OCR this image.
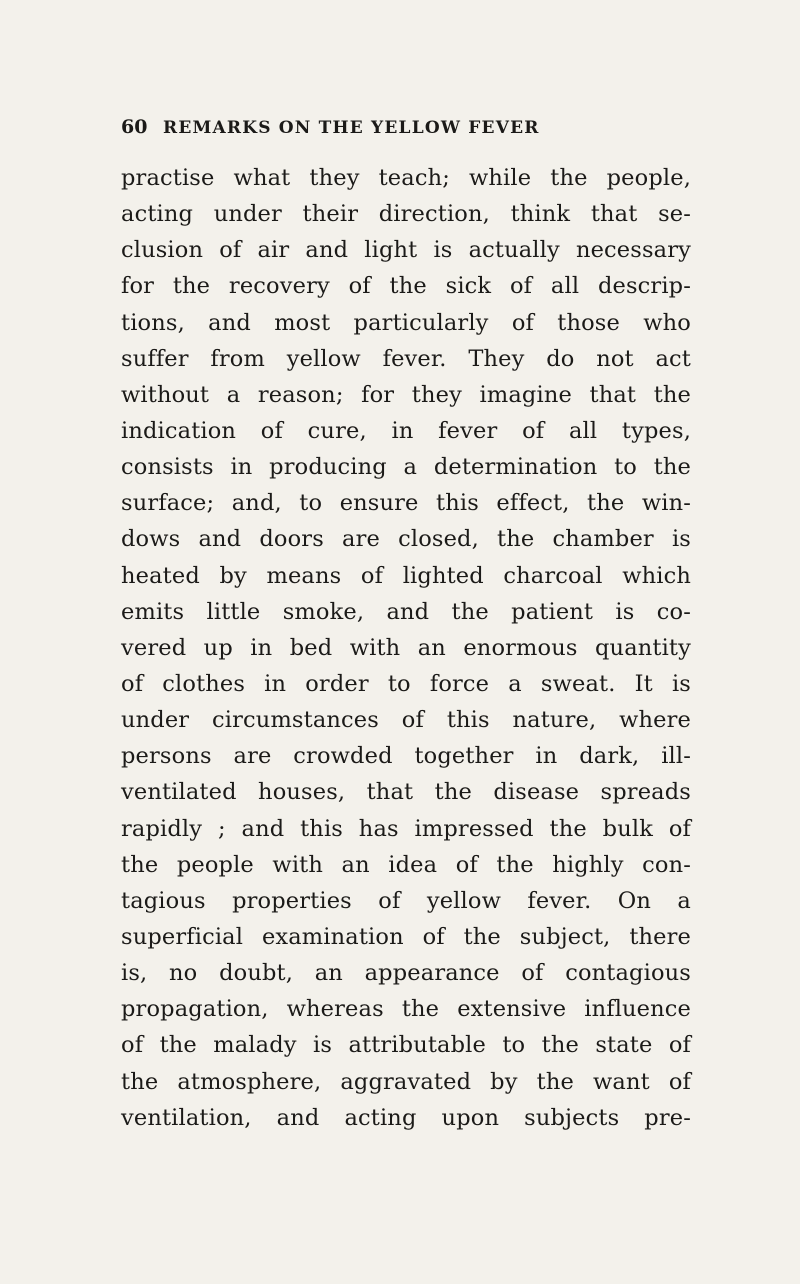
60 REMARKS ON THE YELLOW FEVER
practise what they teach; while the people,
acting under their direction, think that se-
clusion of air and light is actually necessary
for the recovery of the sick of all descrip-
tions, and most particularly of those who
suffer from yellow fever. They do not act
without a reason; for they imagine that the
indication of cure, in fever of all types,
consists in producing a determination to the
surface; and, to ensure this effect, the win-
dows and doors are closed, the chamber is
heated by means of lighted charcoal which
emits little smoke, and the patient is co-
vered up in bed with an enormous quantity
of clothes in order to force a sweat. It is
under circumstances of this nature, where
persons are crowded together in dark, ill-
ventilated houses, that the disease spreads
rapidly ; and this has impressed the bulk of
the people with an idea of the highly con-
tagious properties of yellow fever. On a
superficial examination of the subject, there
is, no doubt, an appearance of contagious
propagation, whereas the extensive influence
of the malady is attributable to the state of
the atmosphere, aggravated by the want of
ventilation, and acting upon subjects pre-
